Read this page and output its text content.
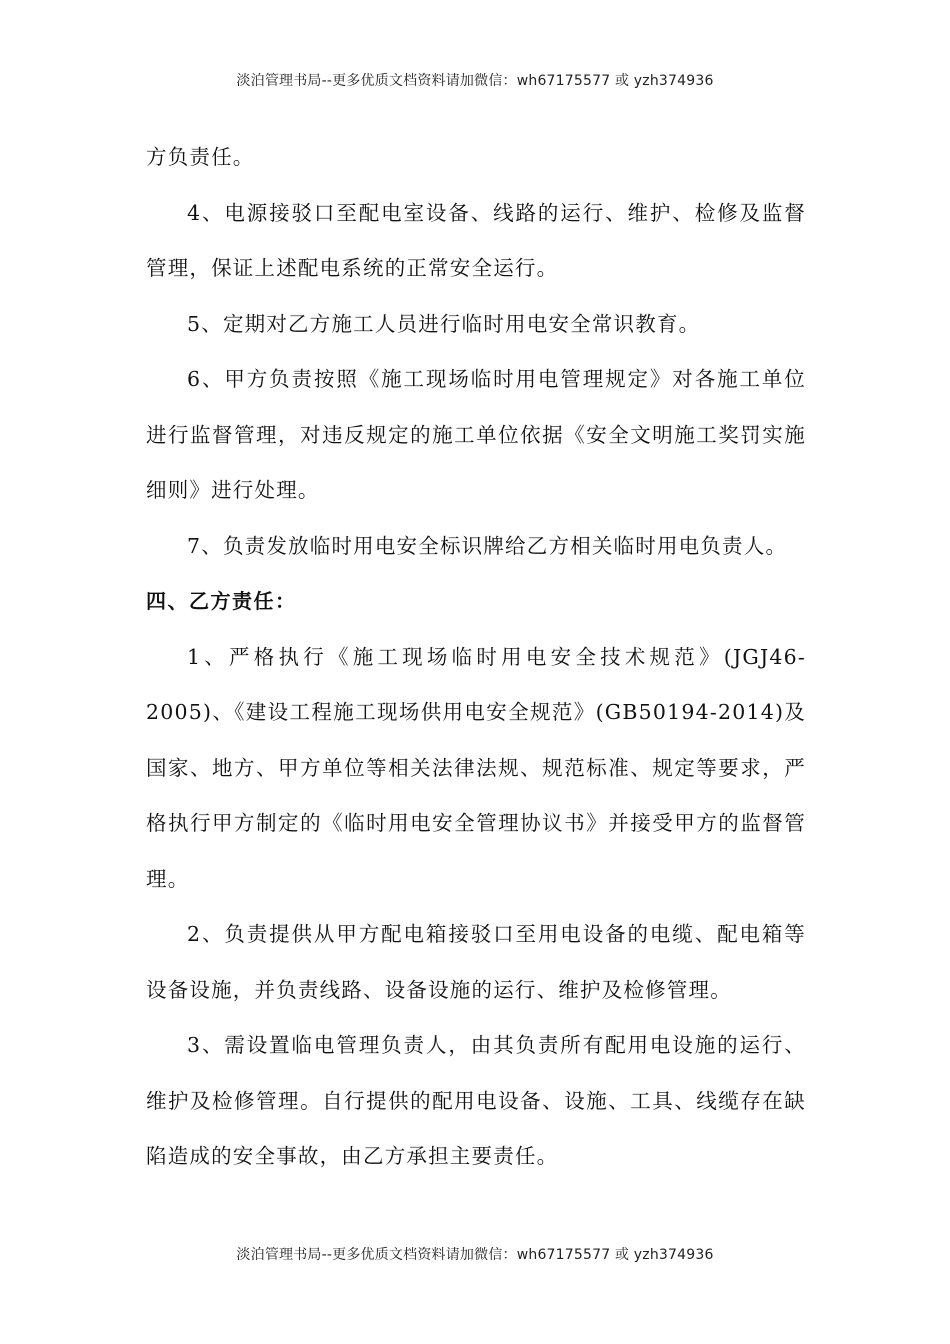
淡泊管理书局--更多优质文档资料请加微信：wh67175577 或 yzh374936

方负责任。

4、电源接驳口至配电室设备、线路的运行、维护、检修及监督管理，保证上述配电系统的正常安全运行。

5、定期对乙方施工人员进行临时用电安全常识教育。

6、甲方负责按照《施工现场临时用电管理规定》对各施工单位进行监督管理，对违反规定的施工单位依据《安全文明施工奖罚实施细则》进行处理。

7、负责发放临时用电安全标识牌给乙方相关临时用电负责人。

四、乙方责任：

1、严格执行《施工现场临时用电安全技术规范》(JGJ46-2005)、《建设工程施工现场供用电安全规范》(GB50194-2014)及国家、地方、甲方单位等相关法律法规、规范标准、规定等要求，严格执行甲方制定的《临时用电安全管理协议书》并接受甲方的监督管理。

2、负责提供从甲方配电箱接驳口至用电设备的电缆、配电箱等设备设施，并负责线路、设备设施的运行、维护及检修管理。

3、需设置临电管理负责人，由其负责所有配用电设施的运行、维护及检修管理。自行提供的配用电设备、设施、工具、线缆存在缺陷造成的安全事故，由乙方承担主要责任。

淡泊管理书局--更多优质文档资料请加微信：wh67175577 或 yzh374936
